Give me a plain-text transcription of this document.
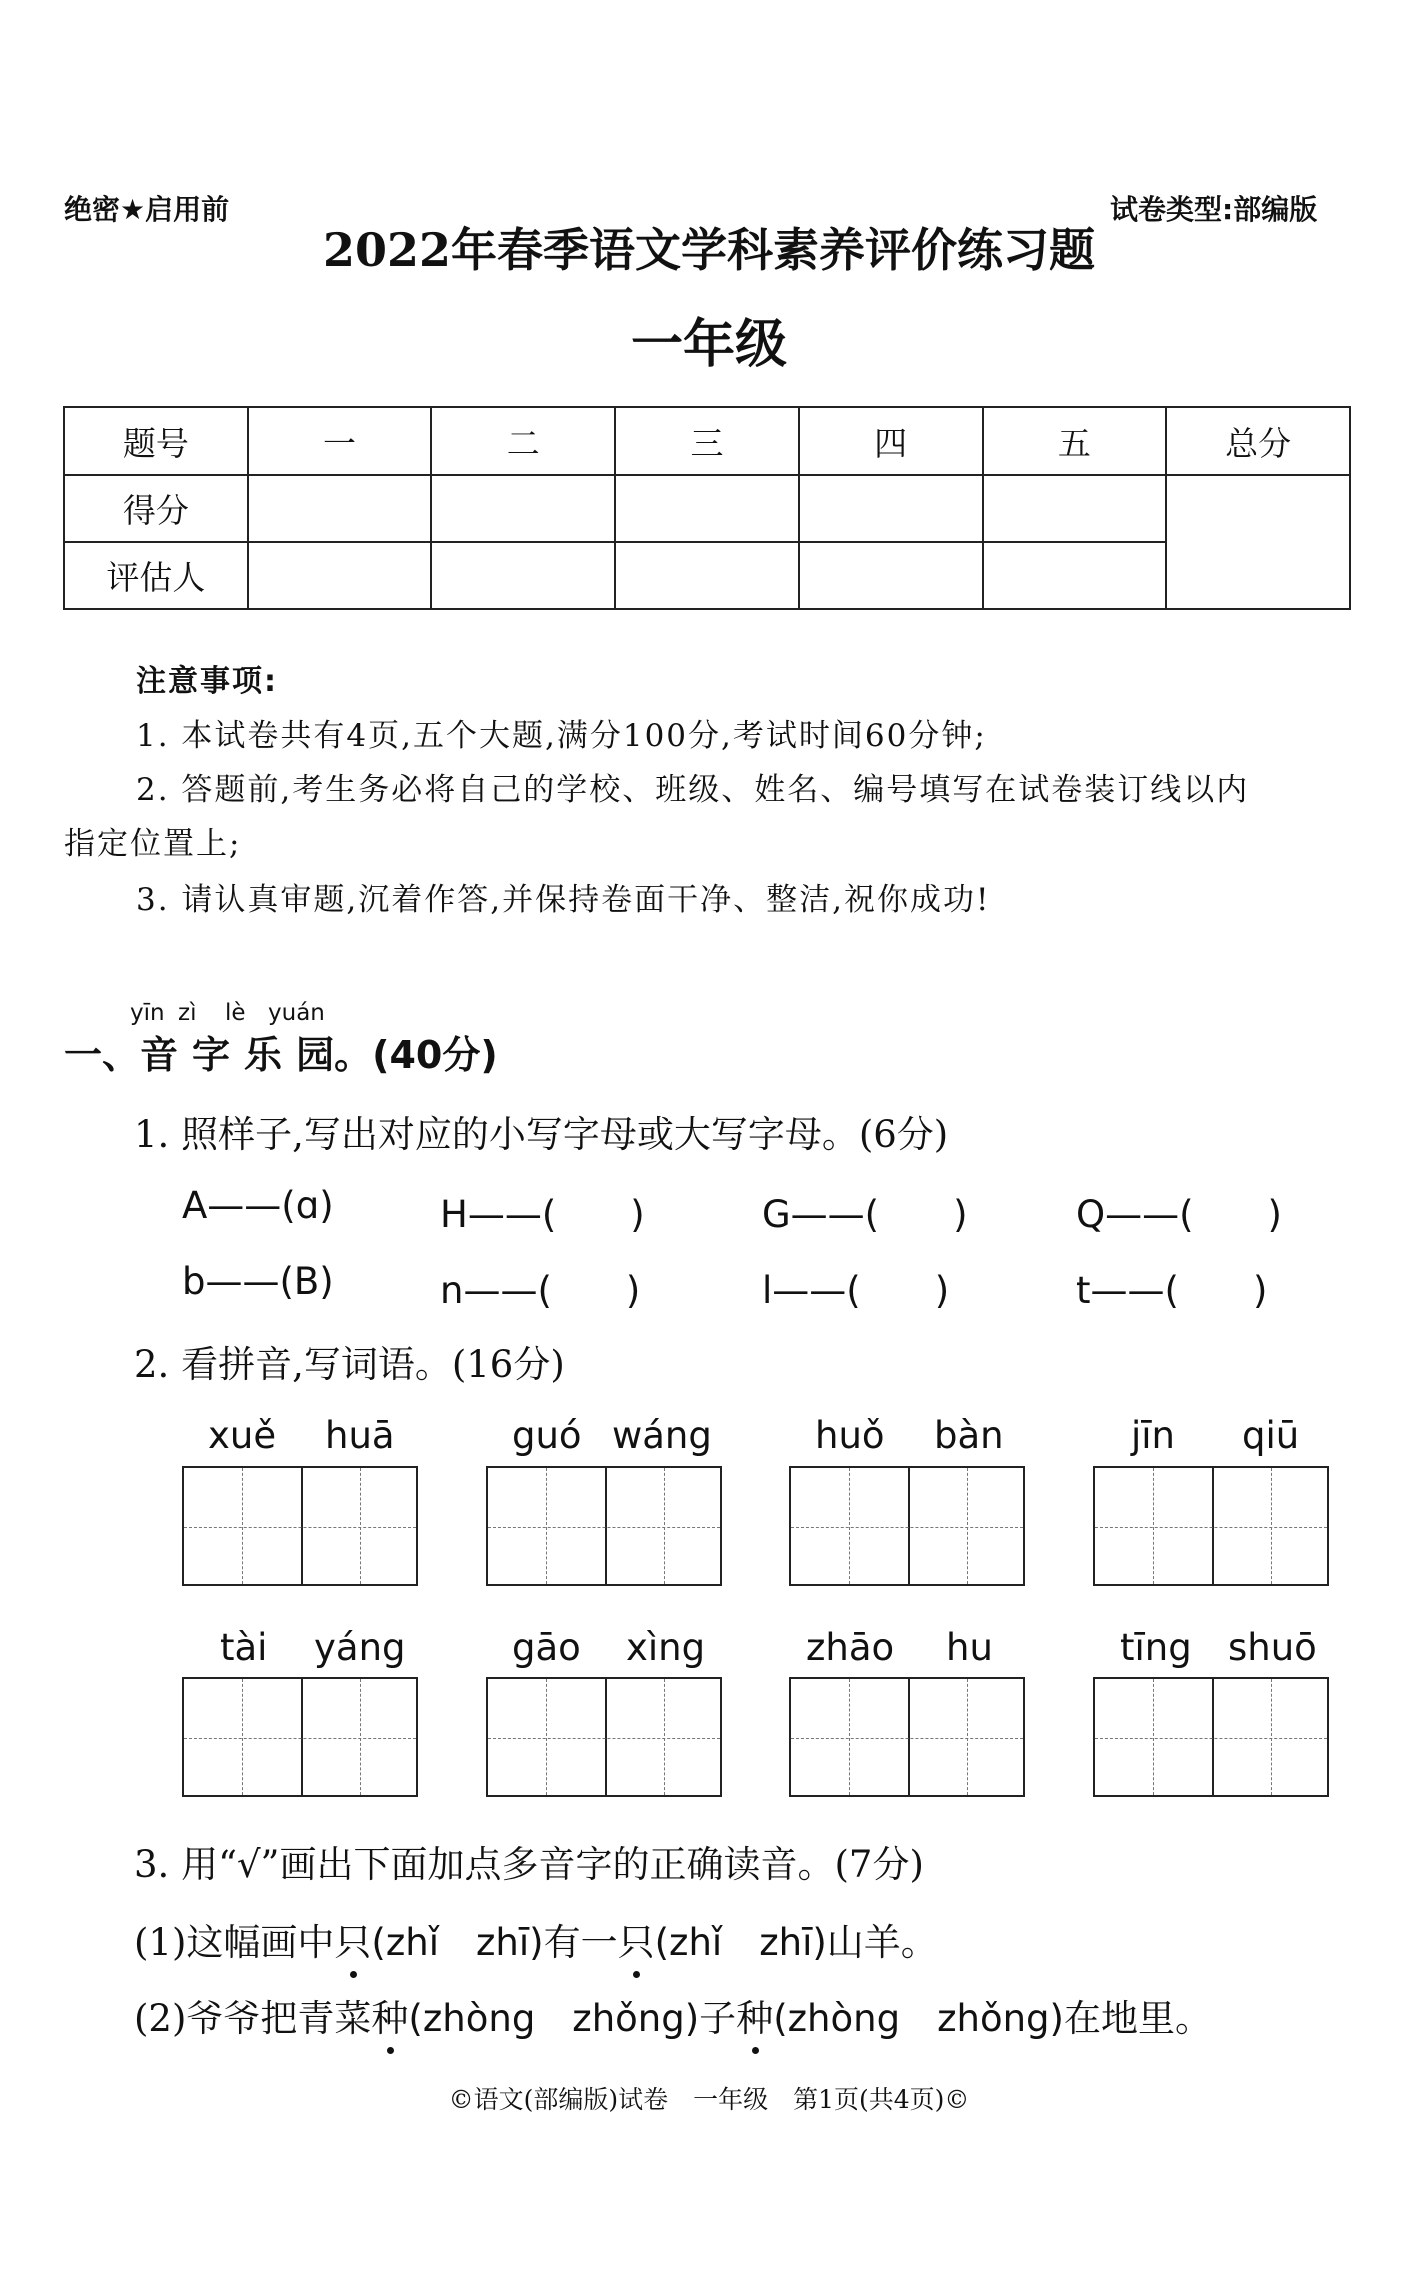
绝密★启用前	试卷类型:部编版
2022年春季语文学科素养评价练习题
一年级
题号	一	二	三	四	五	总分
得分						
评估人						
注意事项:
1. 本试卷共有4页,五个大题,满分100分,考试时间60分钟;
2. 答题前,考生务必将自己的学校、班级、姓名、编号填写在试卷装订线以内
指定位置上;
3. 请认真审题,沉着作答,并保持卷面干净、整洁,祝你成功!
yīn zì lè yuán
一、音字乐园。(40分)
1. 照样子,写出对应的小写字母或大写字母。(6分)
A——(ɑ)	H——(　　)	G——(　　)	Q——(　　)
b——(B)	n——(　　)	l——(　　)	t——(　　)
2. 看拼音,写词语。(16分)
xuě huā	guó wáng	huǒ bàn	jīn qiū
tài yáng	gāo xìng	zhāo hu	tīng shuō
3. 用“√”画出下面加点多音字的正确读音。(7分)
(1)这幅画中只(zhǐ　zhī)有一只(zhǐ　zhī)山羊。
(2)爷爷把青菜种(zhòng　zhǒng)子种(zhòng　zhǒng)在地里。
©语文(部编版)试卷　一年级　第1页(共4页)©
